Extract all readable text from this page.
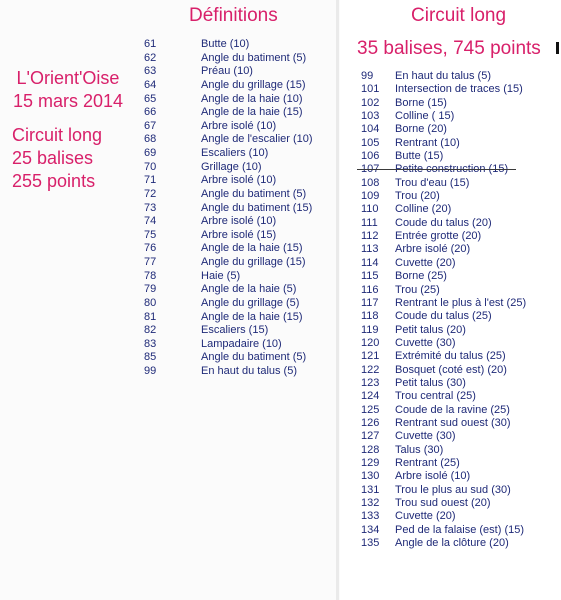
L'Orient'Oise
15 mars 2014
Circuit long
25 balises
255 points
Définitions
61	Butte (10)
62	Angle du batiment (5)
63	Préau (10)
64	Angle du grillage (15)
65	Angle de la haie (10)
66	Angle de la haie (15)
67	Arbre isolé (10)
68	Angle de l'escalier (10)
69	Escaliers (10)
70	Grillage (10)
71	Arbre isolé (10)
72	Angle du batiment (5)
73	Angle du batiment (15)
74	Arbre isolé (10)
75	Arbre isolé (15)
76	Angle de la haie (15)
77	Angle du grillage (15)
78	Haie (5)
79	Angle de la haie (5)
80	Angle du grillage (5)
81	Angle de la haie (15)
82	Escaliers (15)
83	Lampadaire (10)
85	Angle du batiment (5)
99	En haut du talus (5)
Circuit long
35 balises, 745 points
99	En haut du talus (5)
101	Intersection de traces (15)
102	Borne (15)
103	Colline ( 15)
104	Borne (20)
105	Rentrant (10)
106	Butte (15)
107	Petite construction (15)
108	Trou d'eau (15)
109	Trou (20)
110	Colline (20)
111	Coude du talus (20)
112	Entrée grotte (20)
113	Arbre isolé (20)
114	Cuvette (20)
115	Borne (25)
116	Trou (25)
117	Rentrant le plus à l'est (25)
118	Coude du talus (25)
119	Petit talus (20)
120	Cuvette (30)
121	Extrémité du talus (25)
122	Bosquet (coté est) (20)
123	Petit talus (30)
124	Trou central (25)
125	Coude de la ravine (25)
126	Rentrant sud ouest (30)
127	Cuvette (30)
128	Talus (30)
129	Rentrant (25)
130	Arbre isolé (10)
131	Trou le plus au sud (30)
132	Trou sud ouest (20)
133	Cuvette (20)
134	Ped de la falaise (est) (15)
135	Angle de la clôture (20)
